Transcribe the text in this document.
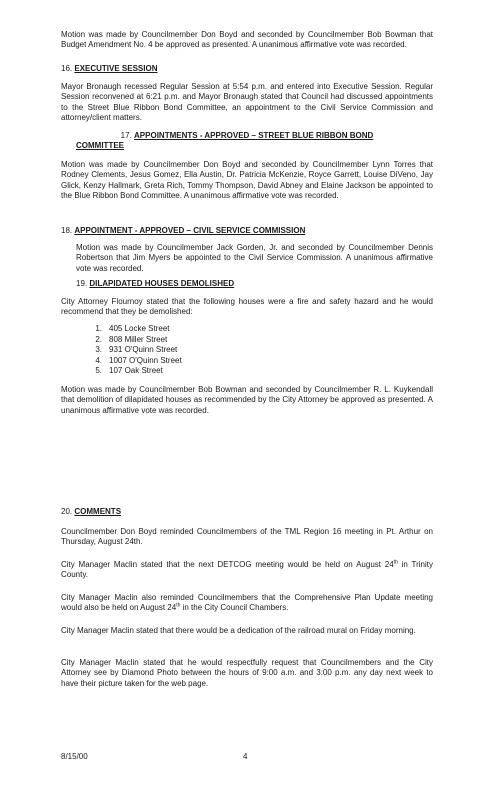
Motion was made by Councilmember Don Boyd and seconded by Councilmember Bob Bowman that Budget Amendment No. 4 be approved as presented. A unanimous affirmative vote was recorded.

16. EXECUTIVE SESSION

Mayor Bronaugh recessed Regular Session at 5:54 p.m. and entered into Executive Session. Regular Session reconvened at 6:21 p.m. and Mayor Bronaugh stated that Council had discussed appointments to the Street Blue Ribbon Bond Committee, an appointment to the Civil Service Commission and attorney/client matters.

17. APPOINTMENTS - APPROVED – STREET BLUE RIBBON BOND
COMMITTEE

Motion was made by Councilmember Don Boyd and seconded by Councilmember Lynn Torres that Rodney Clements, Jesus Gomez, Ella Austin, Dr. Patricia McKenzie, Royce Garrett, Louise DiVeno, Jay Glick, Kenzy Hallmark, Greta Rich, Tommy Thompson, David Abney and Elaine Jackson be appointed to the Blue Ribbon Bond Committee. A unanimous affirmative vote was recorded.

18. APPOINTMENT - APPROVED – CIVIL SERVICE COMMISSION

Motion was made by Councilmember Jack Gorden, Jr. and seconded by Councilmember Dennis Robertson that Jim Myers be appointed to the Civil Service Commission. A unanimous affirmative vote was recorded.

19. DILAPIDATED HOUSES DEMOLISHED

City Attorney Flournoy stated that the following houses were a fire and safety hazard and he would recommend that they be demolished:

1. 405 Locke Street
2. 808 Miller Street
3. 931 O'Quinn Street
4. 1007 O'Quinn Street
5. 107 Oak Street

Motion was made by Councilmember Bob Bowman and seconded by Councilmember R. L. Kuykendall that demolition of dilapidated houses as recommended by the City Attorney be approved as presented. A unanimous affirmative vote was recorded.

20. COMMENTS

Councilmember Don Boyd reminded Councilmembers of the TML Region 16 meeting in Pt. Arthur on Thursday, August 24th.

City Manager Maclin stated that the next DETCOG meeting would be held on August 24th in Trinity County.

City Manager Maclin also reminded Councilmembers that the Comprehensive Plan Update meeting would also be held on August 24th in the City Council Chambers.

City Manager Maclin stated that there would be a dedication of the railroad mural on Friday morning.

City Manager Maclin stated that he would respectfully request that Councilmembers and the City Attorney see by Diamond Photo between the hours of 9:00 a.m. and 3:00 p.m. any day next week to have their picture taken for the web page.

8/15/00	4
